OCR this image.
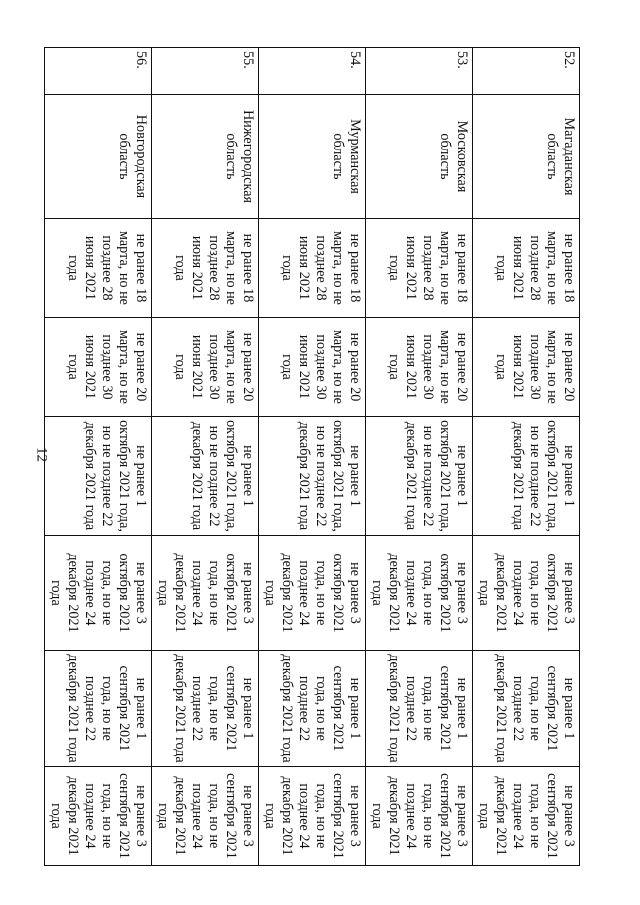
12
52.	Магаданская область	не ранее 18 марта, но не позднее 28 июня 2021 года	не ранее 20 марта, но не позднее 30 июня 2021 года	не ранее 1 октября 2021 года, но не позднее 22 декабря 2021 года	не ранее 3 октября 2021 года, но не позднее 24 декабря 2021 года	не ранее 1 сентября 2021 года, но не позднее 22 декабря 2021 года	не ранее 3 сентября 2021 года, но не позднее 24 декабря 2021 года
53.	Московская область	не ранее 18 марта, но не позднее 28 июня 2021 года	не ранее 20 марта, но не позднее 30 июня 2021 года	не ранее 1 октября 2021 года, но не позднее 22 декабря 2021 года	не ранее 3 октября 2021 года, но не позднее 24 декабря 2021 года	не ранее 1 сентября 2021 года, но не позднее 22 декабря 2021 года	не ранее 3 сентября 2021 года, но не позднее 24 декабря 2021 года
54.	Мурманская область	не ранее 18 марта, но не позднее 28 июня 2021 года	не ранее 20 марта, но не позднее 30 июня 2021 года	не ранее 1 октября 2021 года, но не позднее 22 декабря 2021 года	не ранее 3 октября 2021 года, но не позднее 24 декабря 2021 года	не ранее 1 сентября 2021 года, но не позднее 22 декабря 2021 года	не ранее 3 сентября 2021 года, но не позднее 24 декабря 2021 года
55.	Нижегородская область	не ранее 18 марта, но не позднее 28 июня 2021 года	не ранее 20 марта, но не позднее 30 июня 2021 года	не ранее 1 октября 2021 года, но не позднее 22 декабря 2021 года	не ранее 3 октября 2021 года, но не позднее 24 декабря 2021 года	не ранее 1 сентября 2021 года, но не позднее 22 декабря 2021 года	не ранее 3 сентября 2021 года, но не позднее 24 декабря 2021 года
56.	Новгородская область	не ранее 18 марта, но не позднее 28 июня 2021 года	не ранее 20 марта, но не позднее 30 июня 2021 года	не ранее 1 октября 2021 года, но не позднее 22 декабря 2021 года	не ранее 3 октября 2021 года, но не позднее 24 декабря 2021 года	не ранее 1 сентября 2021 года, но не позднее 22 декабря 2021 года	не ранее 3 сентября 2021 года, но не позднее 24 декабря 2021 года
